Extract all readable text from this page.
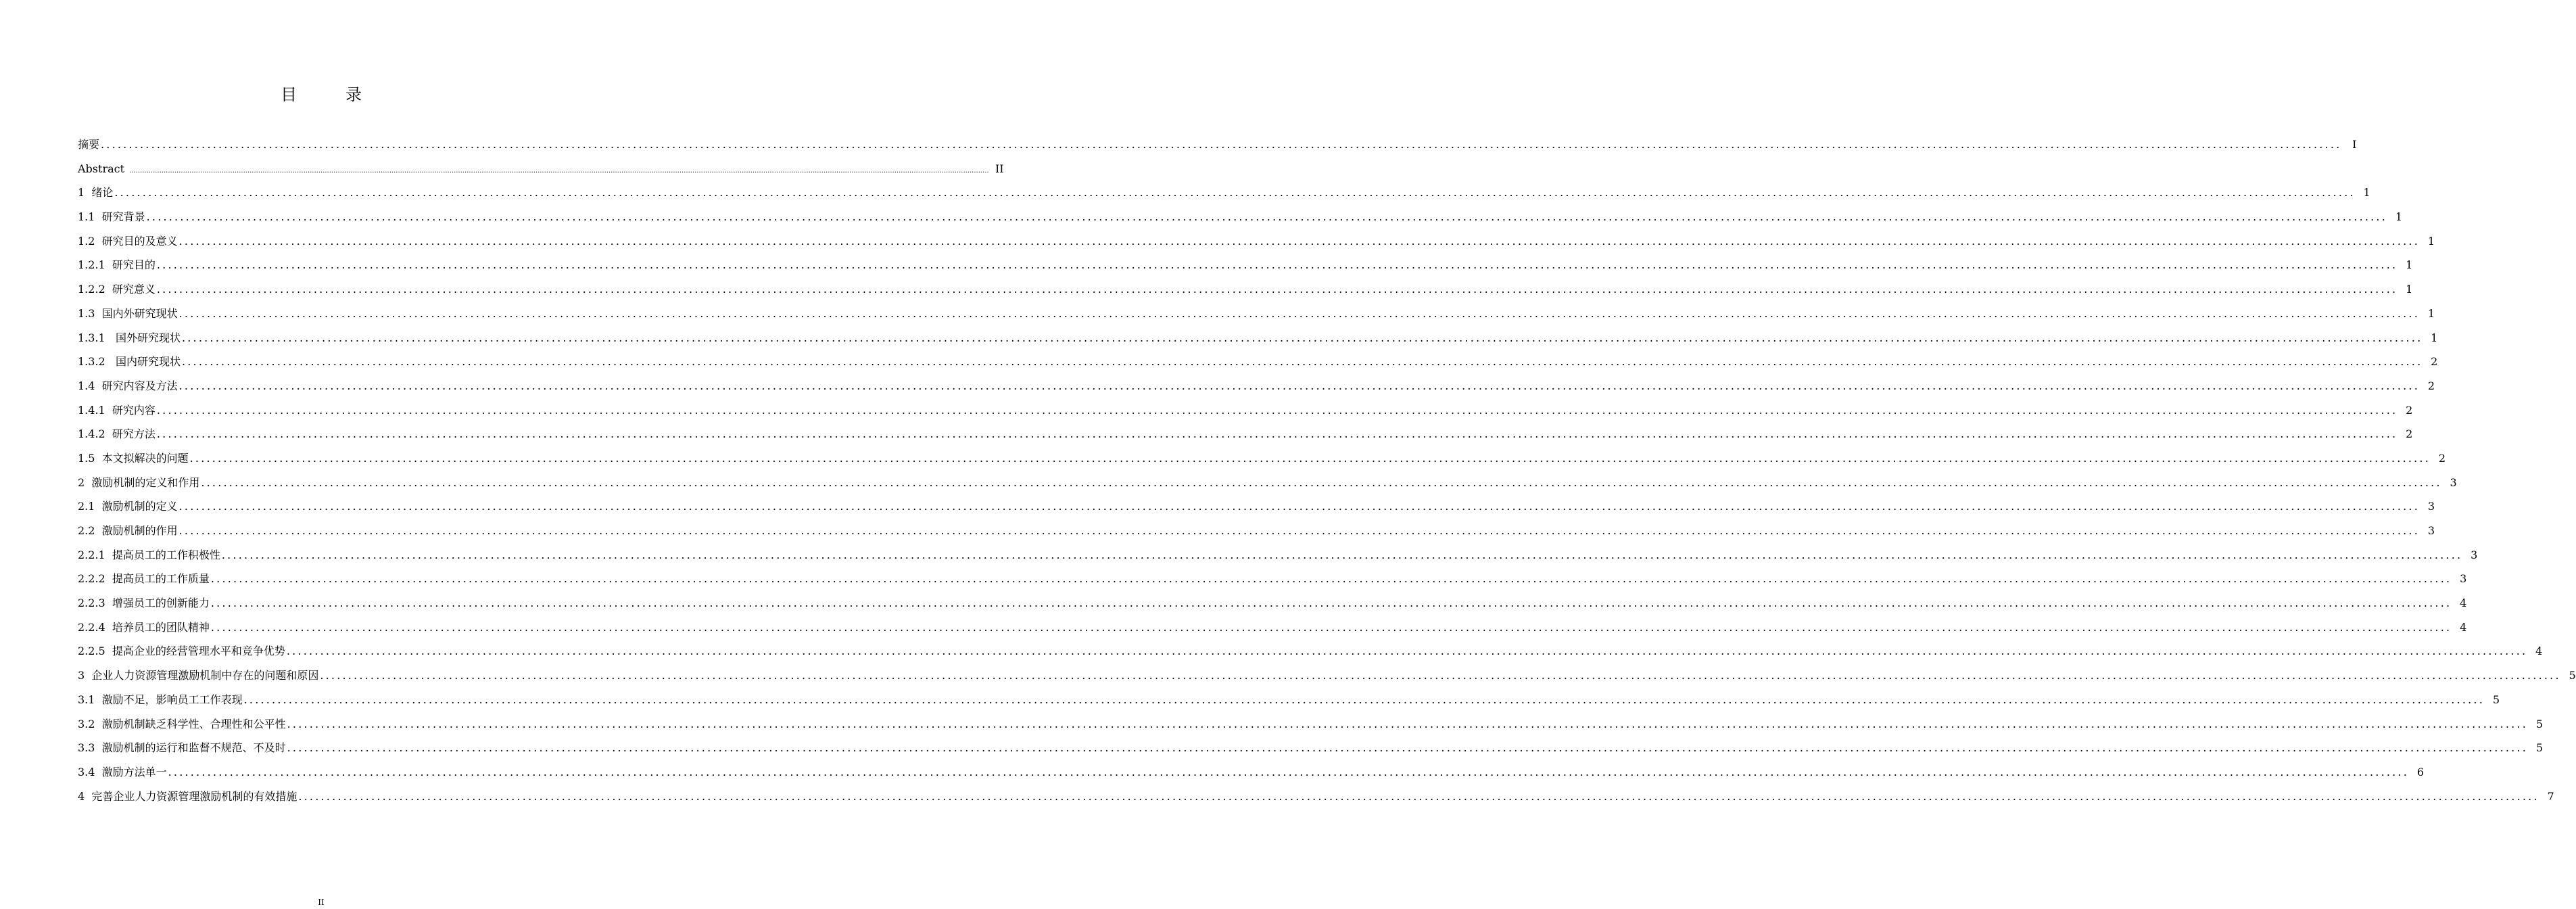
目　录
摘要 ................................................................................................................................................................................................................................................................................................................................................................................................................ I
Abstract ................................................................................................................................................................................................................................................................................................................................................................................................................ II
1  绪论 ................................................................................................................................................................................................................................................................................................................................................................................................................ 1
1.1  研究背景 ................................................................................................................................................................................................................................................................................................................................................................................................................ 1
1.2  研究目的及意义 ................................................................................................................................................................................................................................................................................................................................................................................................................ 1
1.2.1  研究目的 ................................................................................................................................................................................................................................................................................................................................................................................................................ 1
1.2.2  研究意义 ................................................................................................................................................................................................................................................................................................................................................................................................................ 1
1.3  国内外研究现状 ................................................................................................................................................................................................................................................................................................................................................................................................................ 1
1.3.1   国外研究现状 ................................................................................................................................................................................................................................................................................................................................................................................................................ 1
1.3.2   国内研究现状 ................................................................................................................................................................................................................................................................................................................................................................................................................ 2
1.4  研究内容及方法 ................................................................................................................................................................................................................................................................................................................................................................................................................ 2
1.4.1  研究内容 ................................................................................................................................................................................................................................................................................................................................................................................................................ 2
1.4.2  研究方法 ................................................................................................................................................................................................................................................................................................................................................................................................................ 2
1.5  本文拟解决的问题 ................................................................................................................................................................................................................................................................................................................................................................................................................ 2
2  激励机制的定义和作用 ................................................................................................................................................................................................................................................................................................................................................................................................................ 3
2.1  激励机制的定义 ................................................................................................................................................................................................................................................................................................................................................................................................................ 3
2.2  激励机制的作用 ................................................................................................................................................................................................................................................................................................................................................................................................................ 3
2.2.1  提高员工的工作积极性 ................................................................................................................................................................................................................................................................................................................................................................................................................ 3
2.2.2  提高员工的工作质量 ................................................................................................................................................................................................................................................................................................................................................................................................................ 3
2.2.3  增强员工的创新能力 ................................................................................................................................................................................................................................................................................................................................................................................................................ 4
2.2.4  培养员工的团队精神 ................................................................................................................................................................................................................................................................................................................................................................................................................ 4
2.2.5  提高企业的经营管理水平和竞争优势 ................................................................................................................................................................................................................................................................................................................................................................................................................ 4
3  企业人力资源管理激励机制中存在的问题和原因 ................................................................................................................................................................................................................................................................................................................................................................................................................ 5
3.1  激励不足，影响员工工作表现 ................................................................................................................................................................................................................................................................................................................................................................................................................ 5
3.2  激励机制缺乏科学性、合理性和公平性 ................................................................................................................................................................................................................................................................................................................................................................................................................ 5
3.3  激励机制的运行和监督不规范、不及时 ................................................................................................................................................................................................................................................................................................................................................................................................................ 5
3.4  激励方法单一 ................................................................................................................................................................................................................................................................................................................................................................................................................ 6
4  完善企业人力资源管理激励机制的有效措施 ................................................................................................................................................................................................................................................................................................................................................................................................................ 7
II
